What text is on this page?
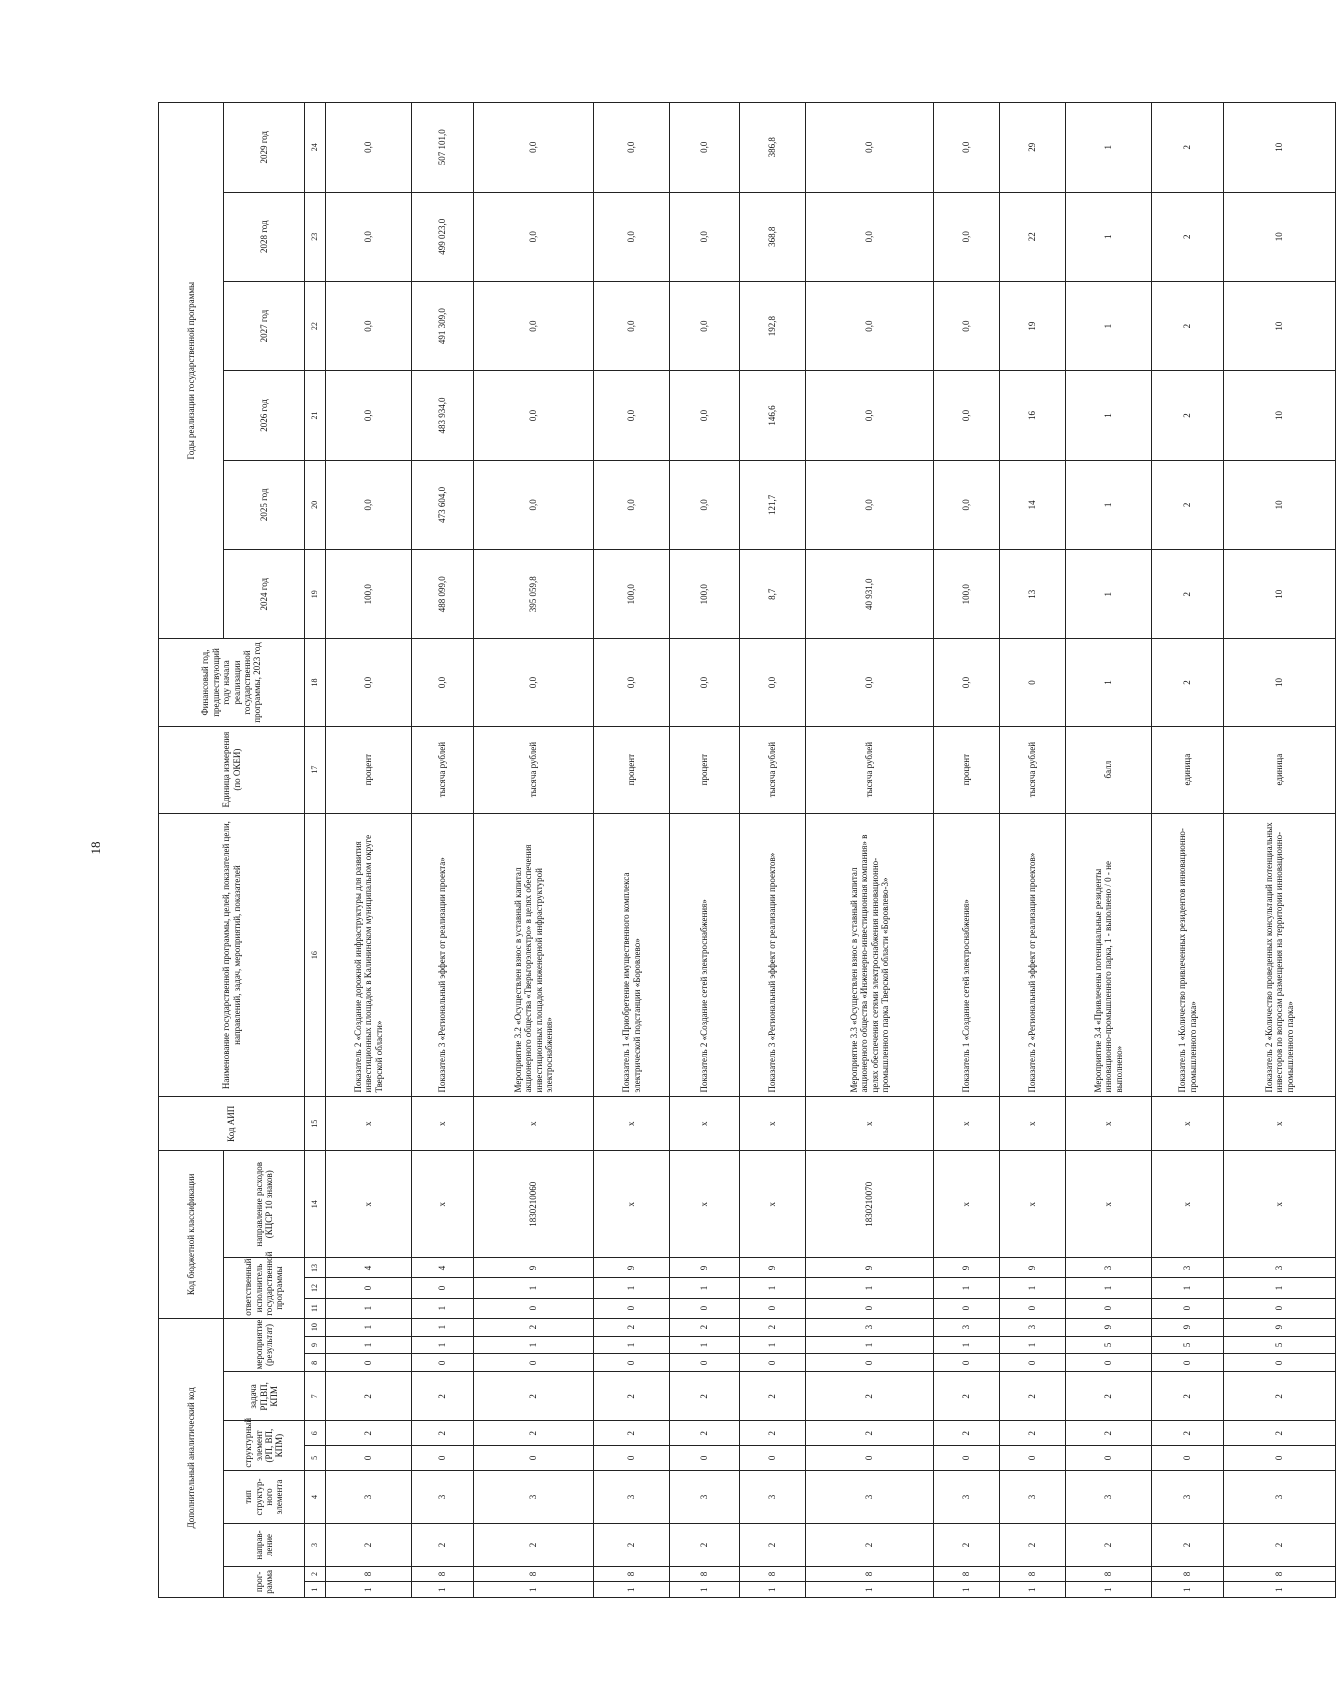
18
Дополнительный аналитический код										Код бюджетной классификации				Код АИП	Наименование государственной программы, целей, показателей цели, направлений, задач, мероприятий, показателей	Единица измерения (по ОКЕИ)	Финансовый год, предшествующий году начала реализации государственной программы, 2023 год	Годы реализации государственной программы					
прог-рамма		направ-ление	тип структур-ного элемента	структурный элемент (РП, ВП, КПМ)		задача РП,ВП, КПМ	мероприятие (результат)			ответственный исполнитель государственной программы			направление расходов (КЦСР 10 знаков)					2024 год	2025 год	2026 год	2027 год	2028 год	2029 год
1	2	3	4	5	6	7	8	9	10	11	12	13	14	15	16	17	18	19	20	21	22	23	24
1	8	2	3	0	2	2	0	1	1	1	0	4	х	х	Показатель 2 «Создание дорожной инфраструктуры для развития инвестиционных площадок в Калининском муниципальном округе Тверской области»	процент	0,0	100,0	0,0	0,0	0,0	0,0	0,0
1	8	2	3	0	2	2	0	1	1	1	0	4	х	х	Показатель 3 «Региональный эффект от реализации проекта»	тысяча рублей	0,0	488 099,0	473 604,0	483 934,0	491 309,0	499 023,0	507 101,0
1	8	2	3	0	2	2	0	1	2	0	1	9	1830210060	х	Мероприятие 3.2 «Осуществлен взнос в уставный капитал акционерного общества «Тверьгорэлектро» в целях обеспечения инвестиционных площадок инженерной инфраструктурой электроснабжения»	тысяча рублей	0,0	395 059,8	0,0	0,0	0,0	0,0	0,0
1	8	2	3	0	2	2	0	1	2	0	1	9	х	х	Показатель 1 «Приобретение имущественного комплекса электрической подстанции «Боровлево»	процент	0,0	100,0	0,0	0,0	0,0	0,0	0,0
1	8	2	3	0	2	2	0	1	2	0	1	9	х	х	Показатель 2 «Создание сетей электроснабжения»	процент	0,0	100,0	0,0	0,0	0,0	0,0	0,0
1	8	2	3	0	2	2	0	1	2	0	1	9	х	х	Показатель 3 «Региональный эффект от реализации проектов»	тысяча рублей	0,0	8,7	121,7	146,6	192,8	368,8	386,8
1	8	2	3	0	2	2	0	1	3	0	1	9	1830210070	х	Мероприятие 3.3 «Осуществлен взнос в уставный капитал акционерного общества «Инженерно-инвестиционная компания» в целях обеспечения сетями электроснабжения инновационно-промышленного парка Тверской области «Боровлево-3»	тысяча рублей	0,0	40 931,0	0,0	0,0	0,0	0,0	0,0
1	8	2	3	0	2	2	0	1	3	0	1	9	х	х	Показатель 1 «Создание сетей электроснабжения»	процент	0,0	100,0	0,0	0,0	0,0	0,0	0,0
1	8	2	3	0	2	2	0	1	3	0	1	9	х	х	Показатель 2 «Региональный эффект от реализации проектов»	тысяча рублей	0	13	14	16	19	22	29
1	8	2	3	0	2	2	0	5	9	0	1	3	х	х	Мероприятие 3.4 «Привлечены потенциальные резиденты инновационно-промышленного парка, 1 - выполнено / 0 - не выполнено»	балл	1	1	1	1	1	1	1
1	8	2	3	0	2	2	0	5	9	0	1	3	х	х	Показатель 1 «Количество привлеченных резидентов инновационно-промышленного парка»	единица	2	2	2	2	2	2	2
1	8	2	3	0	2	2	0	5	9	0	1	3	х	х	Показатель 2 «Количество проведенных консультаций потенциальных инвесторов по вопросам размещения на территории инновационно-промышленного парка»	единица	10	10	10	10	10	10	10
